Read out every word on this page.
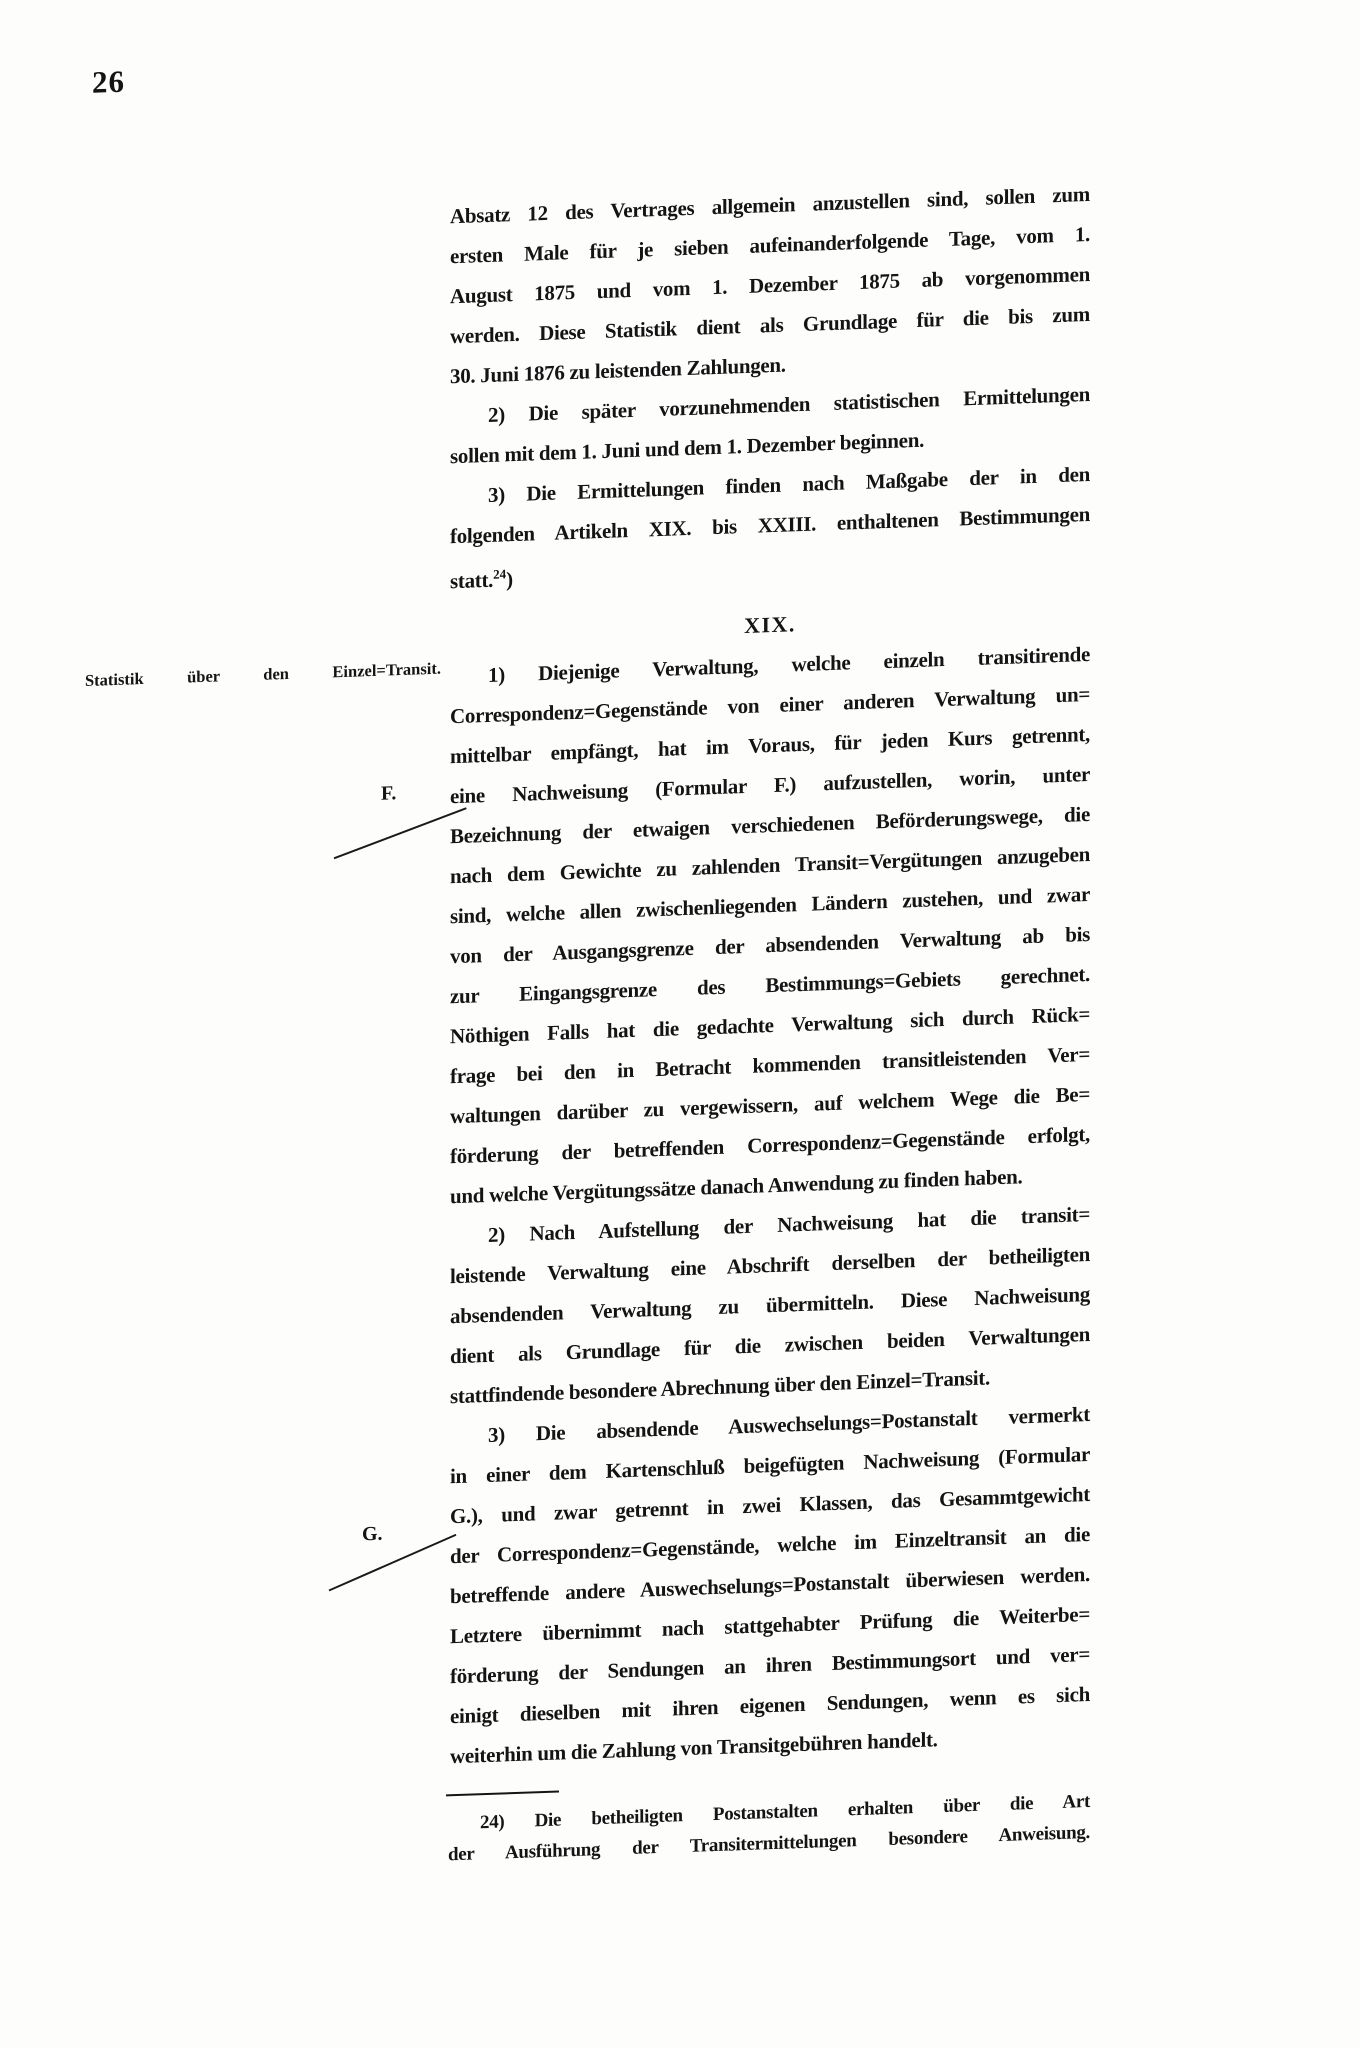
26
Statistik über den Einzel=Transit.
F.
G.
Absatz 12 des Vertrages allgemein anzustellen sind, sollen zum
ersten Male für je sieben aufeinanderfolgende Tage, vom 1.
August 1875 und vom 1. Dezember 1875 ab vorgenommen
werden. Diese Statistik dient als Grundlage für die bis zum
30. Juni 1876 zu leistenden Zahlungen.
2) Die später vorzunehmenden statistischen Ermittelungen
sollen mit dem 1. Juni und dem 1. Dezember beginnen.
3) Die Ermittelungen finden nach Maßgabe der in den
folgenden Artikeln XIX. bis XXIII. enthaltenen Bestimmungen
statt.$^{24}$)
XIX.
1) Diejenige Verwaltung, welche einzeln transitirende
Correspondenz=Gegenstände von einer anderen Verwaltung un=
mittelbar empfängt, hat im Voraus, für jeden Kurs getrennt,
eine Nachweisung (Formular F.) aufzustellen, worin, unter
Bezeichnung der etwaigen verschiedenen Beförderungswege, die
nach dem Gewichte zu zahlenden Transit=Vergütungen anzugeben
sind, welche allen zwischenliegenden Ländern zustehen, und zwar
von der Ausgangsgrenze der absendenden Verwaltung ab bis
zur Eingangsgrenze des Bestimmungs=Gebiets gerechnet.
Nöthigen Falls hat die gedachte Verwaltung sich durch Rück=
frage bei den in Betracht kommenden transitleistenden Ver=
waltungen darüber zu vergewissern, auf welchem Wege die Be=
förderung der betreffenden Correspondenz=Gegenstände erfolgt,
und welche Vergütungssätze danach Anwendung zu finden haben.
2) Nach Aufstellung der Nachweisung hat die transit=
leistende Verwaltung eine Abschrift derselben der betheiligten
absendenden Verwaltung zu übermitteln. Diese Nachweisung
dient als Grundlage für die zwischen beiden Verwaltungen
stattfindende besondere Abrechnung über den Einzel=Transit.
3) Die absendende Auswechselungs=Postanstalt vermerkt
in einer dem Kartenschluß beigefügten Nachweisung (Formular
G.), und zwar getrennt in zwei Klassen, das Gesammtgewicht
der Correspondenz=Gegenstände, welche im Einzeltransit an die
betreffende andere Auswechselungs=Postanstalt überwiesen werden.
Letztere übernimmt nach stattgehabter Prüfung die Weiterbe=
förderung der Sendungen an ihren Bestimmungsort und ver=
einigt dieselben mit ihren eigenen Sendungen, wenn es sich
weiterhin um die Zahlung von Transitgebühren handelt.
24) Die betheiligten Postanstalten erhalten über die Art
der Ausführung der Transitermittelungen besondere Anweisung.
